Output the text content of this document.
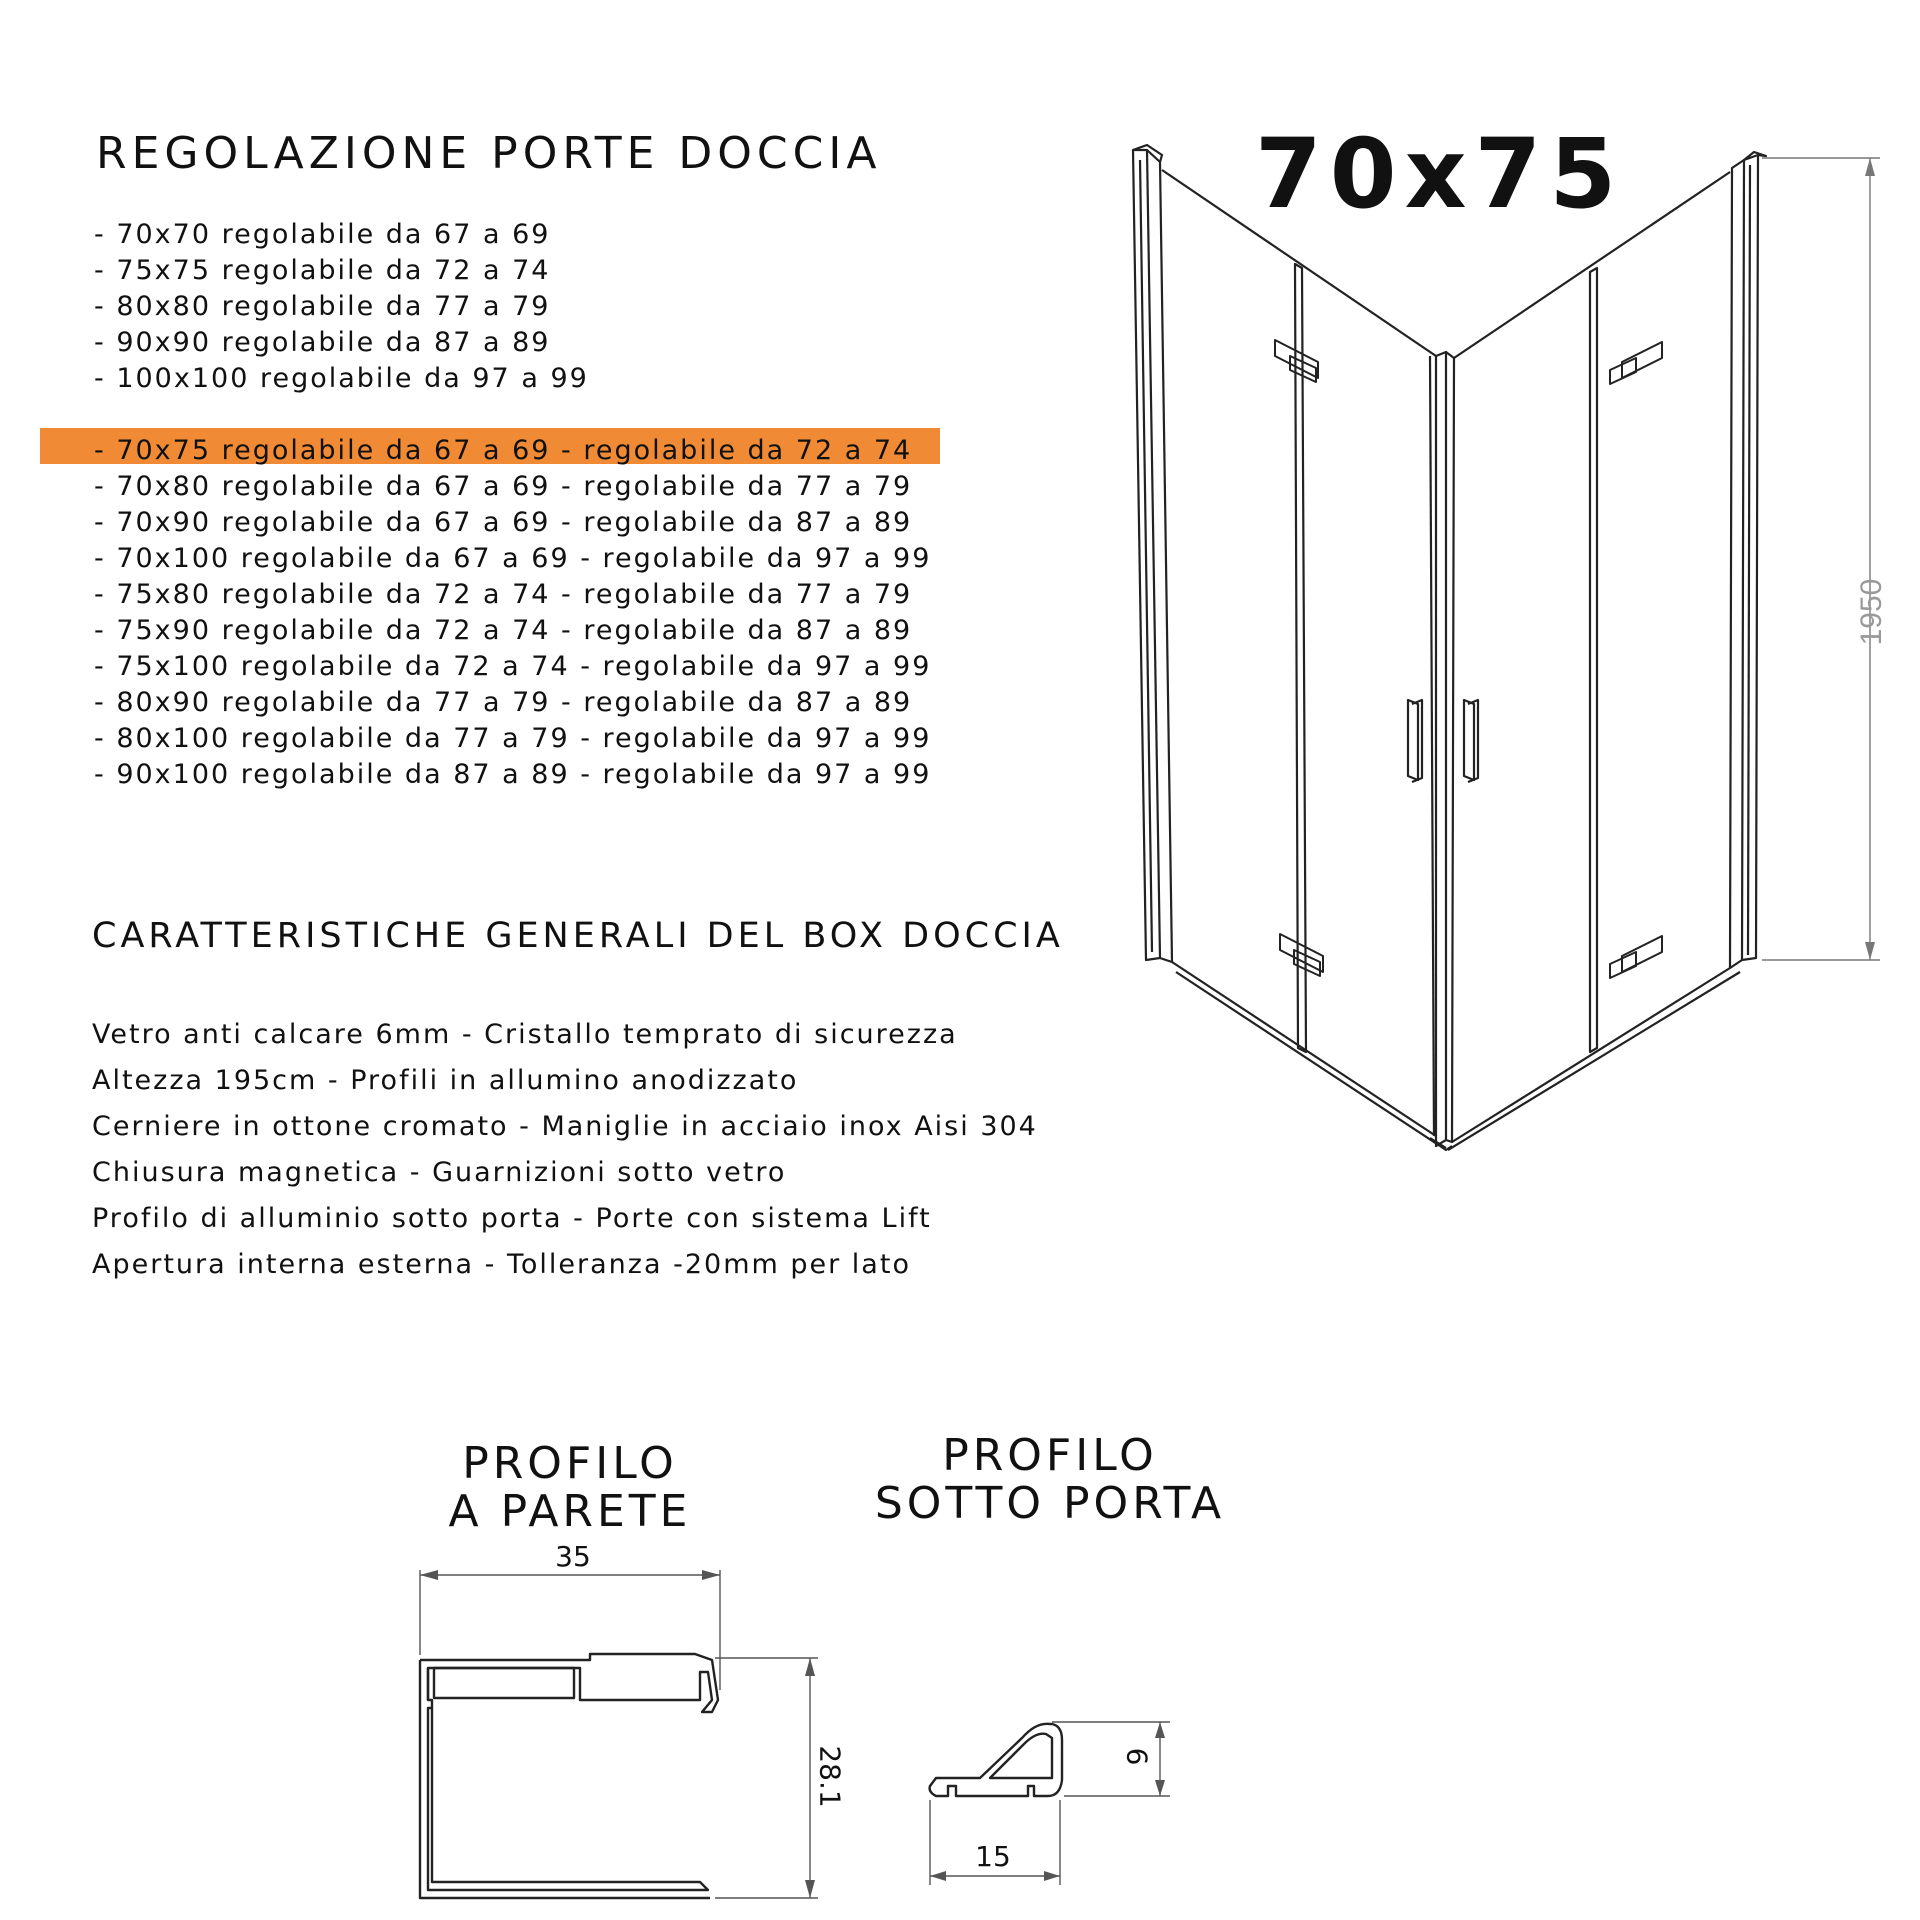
REGOLAZIONE PORTE DOCCIA
- 70x70 regolabile da 67 a 69
- 75x75 regolabile da 72 a 74
- 80x80 regolabile da 77 a 79
- 90x90 regolabile da 87 a 89
- 100x100 regolabile da 97 a 99
- 70x75 regolabile da 67 a 69 - regolabile da 72 a 74
- 70x80 regolabile da 67 a 69 - regolabile da 77 a 79
- 70x90 regolabile da 67 a 69 - regolabile da 87 a 89
- 70x100 regolabile da 67 a 69 - regolabile da 97 a 99
- 75x80 regolabile da 72 a 74 - regolabile da 77 a 79
- 75x90 regolabile da 72 a 74 - regolabile da 87 a 89
- 75x100 regolabile da 72 a 74 - regolabile da 97 a 99
- 80x90 regolabile da 77 a 79 - regolabile da 87 a 89
- 80x100 regolabile da 77 a 79 - regolabile da 97 a 99
- 90x100 regolabile da 87 a 89 - regolabile da 97 a 99
70x75
1950
CARATTERISTICHE GENERALI DEL BOX DOCCIA
Vetro anti calcare 6mm - Cristallo temprato di sicurezza
Altezza 195cm - Profili in allumino anodizzato
Cerniere in ottone cromato - Maniglie in acciaio inox Aisi 304
Chiusura magnetica - Guarnizioni sotto vetro
Profilo di alluminio sotto porta - Porte con sistema Lift
Apertura interna esterna - Tolleranza -20mm per lato
PROFILO
A PARETE
35
28.1
PROFILO
SOTTO PORTA
6
15
